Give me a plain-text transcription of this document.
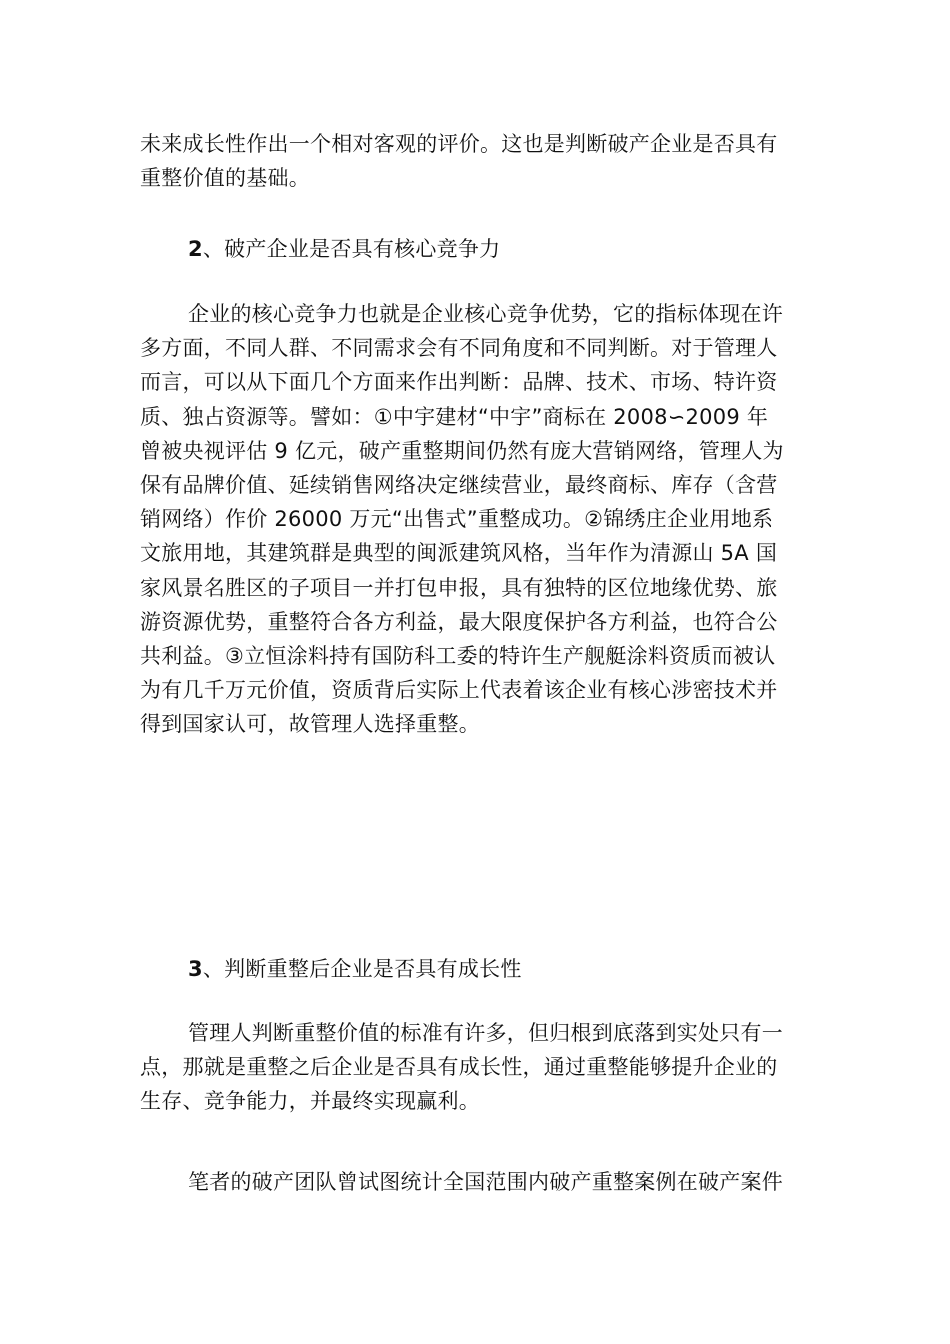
未来成长性作出一个相对客观的评价。这也是判断破产企业是否具有
重整价值的基础。
2、破产企业是否具有核心竞争力
企业的核心竞争力也就是企业核心竞争优势，它的指标体现在许
多方面，不同人群、不同需求会有不同角度和不同判断。对于管理人
而言，可以从下面几个方面来作出判断：品牌、技术、市场、特许资
质、独占资源等。譬如：①中宇建材“中宇”商标在 2008∽2009 年
曾被央视评估 9 亿元，破产重整期间仍然有庞大营销网络，管理人为
保有品牌价值、延续销售网络决定继续营业，最终商标、库存（含营
销网络）作价 26000 万元“出售式”重整成功。②锦绣庄企业用地系
文旅用地，其建筑群是典型的闽派建筑风格，当年作为清源山 5A 国
家风景名胜区的子项目一并打包申报，具有独特的区位地缘优势、旅
游资源优势，重整符合各方利益，最大限度保护各方利益，也符合公
共利益。③立恒涂料持有国防科工委的特许生产舰艇涂料资质而被认
为有几千万元价值，资质背后实际上代表着该企业有核心涉密技术并
得到国家认可，故管理人选择重整。
3、判断重整后企业是否具有成长性
管理人判断重整价值的标准有许多，但归根到底落到实处只有一
点，那就是重整之后企业是否具有成长性，通过重整能够提升企业的
生存、竞争能力，并最终实现赢利。
笔者的破产团队曾试图统计全国范围内破产重整案例在破产案件
